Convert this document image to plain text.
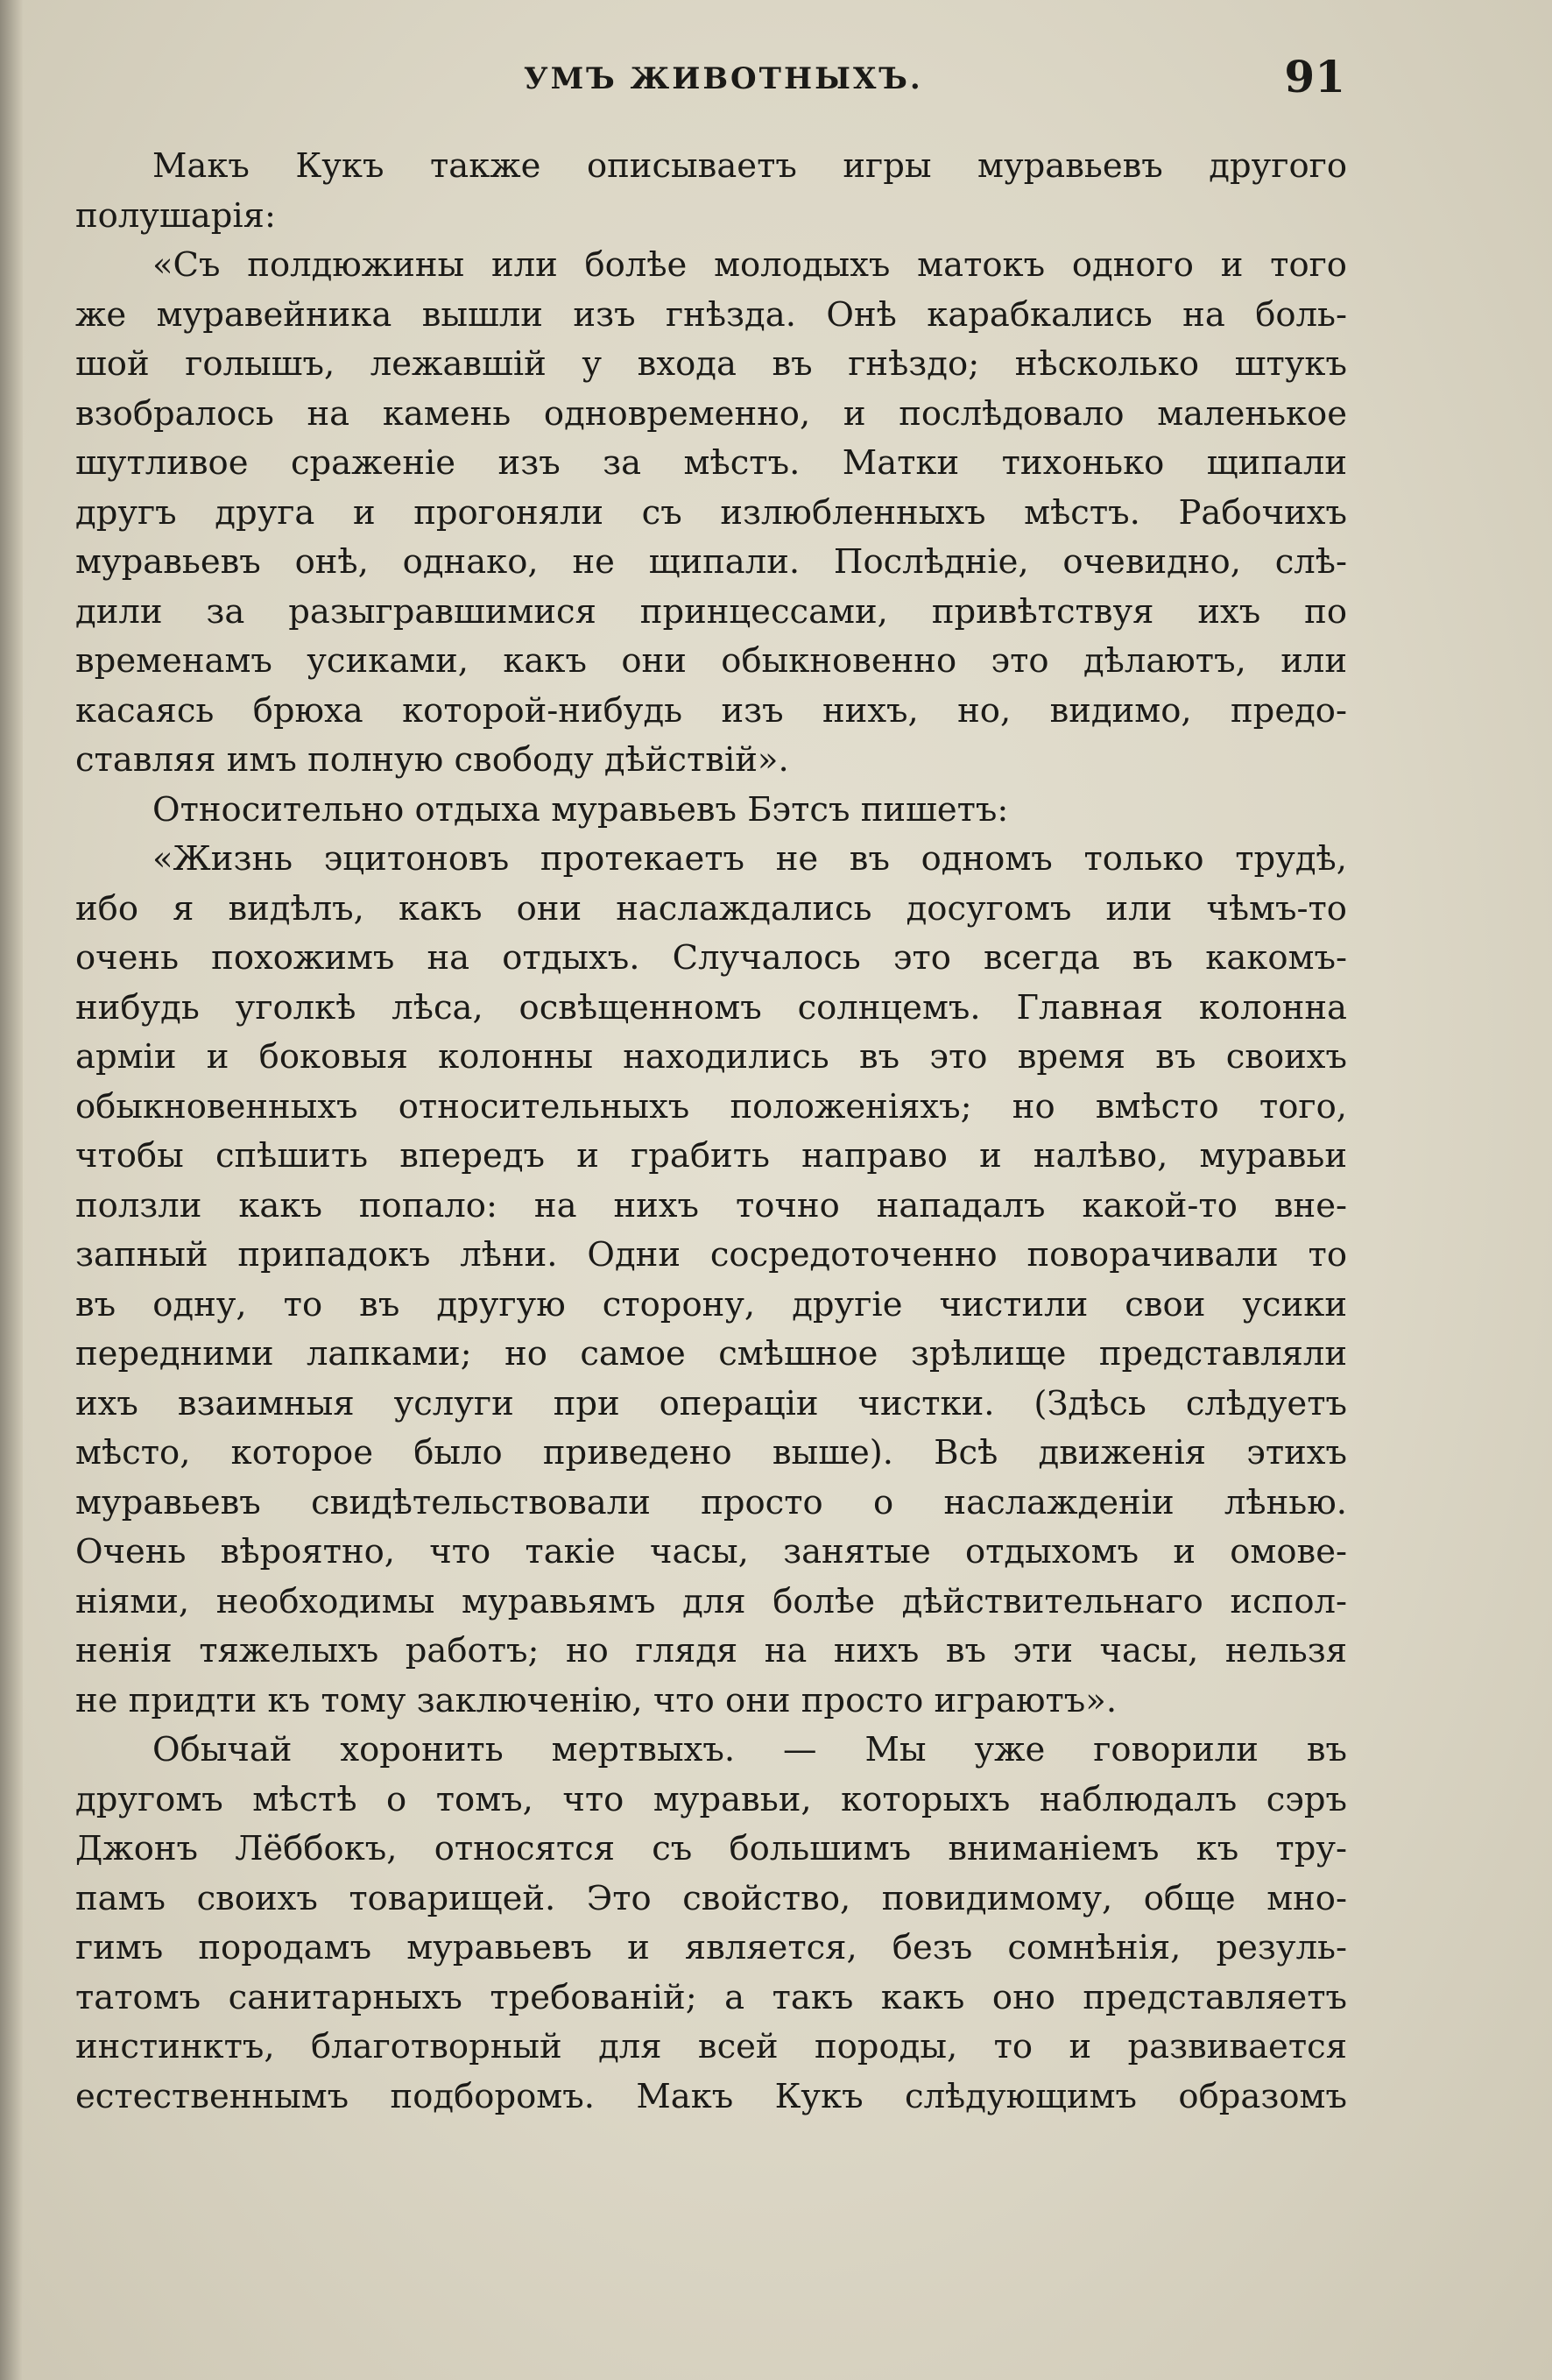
УМЪ ЖИВОТНЫХЪ.	91
Макъ Кукъ также описываетъ игры муравьевъ другого
полушарія:
«Съ полдюжины или болѣе молодыхъ матокъ одного и того
же муравейника вышли изъ гнѣзда. Онѣ карабкались на боль-
шой голышъ, лежавшій у входа въ гнѣздо; нѣсколько штукъ
взобралось на камень одновременно, и послѣдовало маленькое
шутливое сраженіе изъ за мѣстъ. Матки тихонько щипали
другъ друга и прогоняли съ излюбленныхъ мѣстъ. Рабочихъ
муравьевъ онѣ, однако, не щипали. Послѣдніе, очевидно, слѣ-
дили за разыгравшимися принцессами, привѣтствуя ихъ по
временамъ усиками, какъ они обыкновенно это дѣлаютъ, или
касаясь брюха которой-нибудь изъ нихъ, но, видимо, предо-
ставляя имъ полную свободу дѣйствій».
Относительно отдыха муравьевъ Бэтсъ пишетъ:
«Жизнь эцитоновъ протекаетъ не въ одномъ только трудѣ,
ибо я видѣлъ, какъ они наслаждались досугомъ или чѣмъ-то
очень похожимъ на отдыхъ. Случалось это всегда въ какомъ-
нибудь уголкѣ лѣса, освѣщенномъ солнцемъ. Главная колонна
арміи и боковыя колонны находились въ это время въ своихъ
обыкновенныхъ относительныхъ положеніяхъ; но вмѣсто того,
чтобы спѣшить впередъ и грабить направо и налѣво, муравьи
ползли какъ попало: на нихъ точно нападалъ какой-то вне-
запный припадокъ лѣни. Одни сосредоточенно поворачивали то
въ одну, то въ другую сторону, другіе чистили свои усики
передними лапками; но самое смѣшное зрѣлище представляли
ихъ взаимныя услуги при операціи чистки. (Здѣсь слѣдуетъ
мѣсто, которое было приведено выше). Всѣ движенія этихъ
муравьевъ свидѣтельствовали просто о наслажденіи лѣнью.
Очень вѣроятно, что такіе часы, занятые отдыхомъ и омове-
ніями, необходимы муравьямъ для болѣе дѣйствительнаго испол-
ненія тяжелыхъ работъ; но глядя на нихъ въ эти часы, нельзя
не придти къ тому заключенію, что они просто играютъ».
Обычай хоронить мертвыхъ. — Мы уже говорили въ
другомъ мѣстѣ о томъ, что муравьи, которыхъ наблюдалъ сэръ
Джонъ Лёббокъ, относятся съ большимъ вниманіемъ къ тру-
памъ своихъ товарищей. Это свойство, повидимому, обще мно-
гимъ породамъ муравьевъ и является, безъ сомнѣнія, резуль-
татомъ санитарныхъ требованій; а такъ какъ оно представляетъ
инстинктъ, благотворный для всей породы, то и развивается
естественнымъ подборомъ. Макъ Кукъ слѣдующимъ образомъ
